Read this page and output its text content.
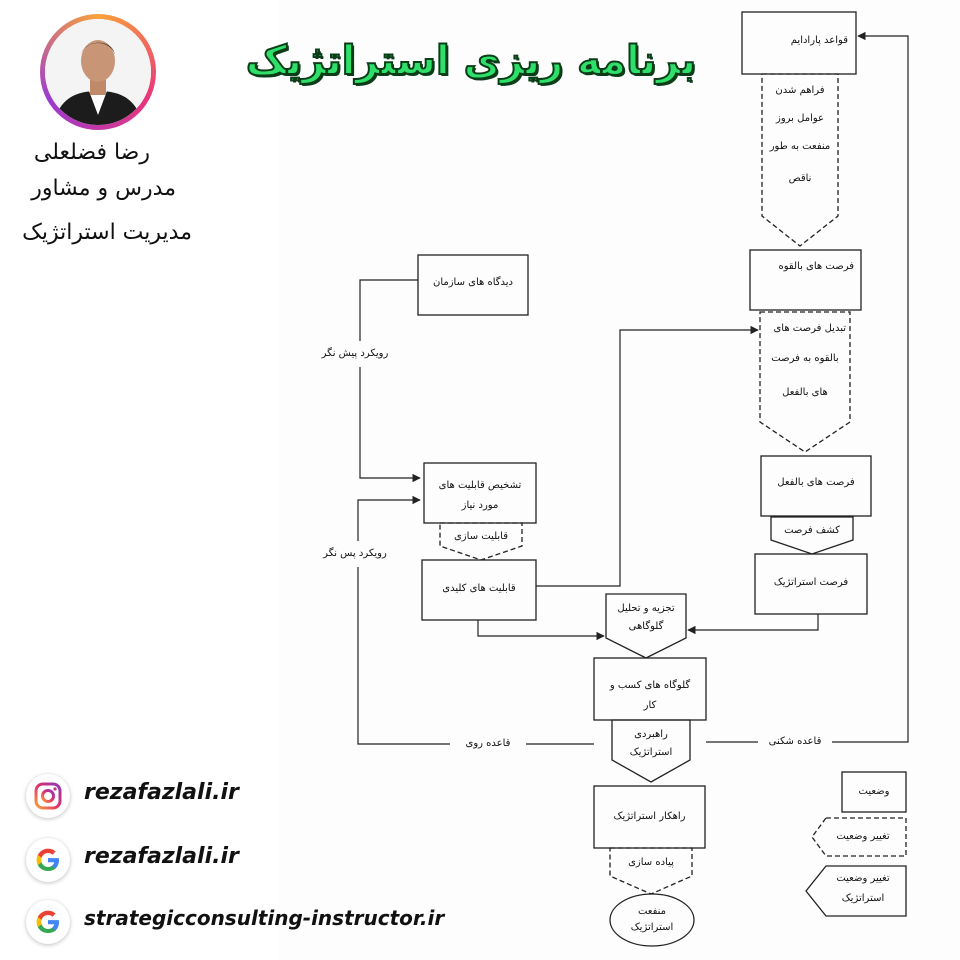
برنامه ریزی استراتژیک
رضا فضلعلی
مدرس و مشاور
مدیریت استراتژیک
rezafazlali.ir
rezafazlali.ir
strategicconsulting-instructor.ir
قواعد پارادایم
فراهم شدن
عوامل بروز
منفعت به طور
ناقص
فرصت های بالقوه
تبدیل فرصت های
بالقوه به فرصت
های بالفعل
فرصت های بالفعل
کشف فرصت
فرصت استراتژیک
دیدگاه های سازمان
تشخیص قابلیت های
مورد نیاز
قابلیت سازی
قابلیت های کلیدی
تجزیه و تحلیل
گلوگاهی
گلوگاه های کسب و
کار
راهبردی
استراتژیک
راهکار استراتژیک
پیاده سازی
منفعت
استراتژیک
رویکرد پیش نگر
رویکرد پس نگر
قاعده روی	قاعده شکنی
وضعیت
تغییر وضعیت
تغییر وضعیت
استراتژیک
